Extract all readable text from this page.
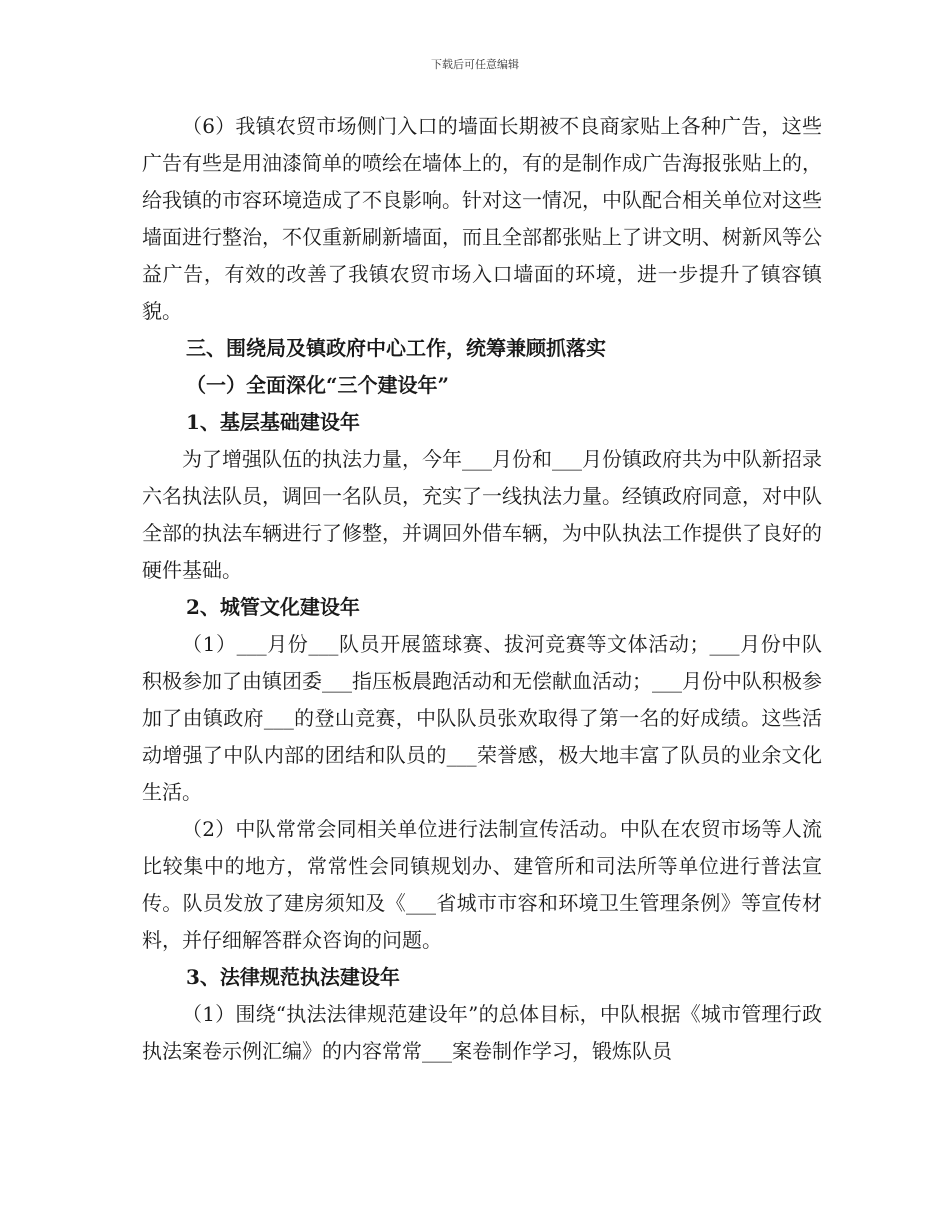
下载后可任意编辑

（6）我镇农贸市场侧门入口的墙面长期被不良商家贴上各种广告，这些广告有些是用油漆简单的喷绘在墙体上的，有的是制作成广告海报张贴上的，给我镇的市容环境造成了不良影响。针对这一情况，中队配合相关单位对这些墙面进行整治，不仅重新刷新墙面，而且全部都张贴上了讲文明、树新风等公益广告，有效的改善了我镇农贸市场入口墙面的环境，进一步提升了镇容镇貌。

三、围绕局及镇政府中心工作，统筹兼顾抓落实

（一）全面深化“三个建设年”

1、基层基础建设年

为了增强队伍的执法力量，今年___月份和___月份镇政府共为中队新招录六名执法队员，调回一名队员，充实了一线执法力量。经镇政府同意，对中队全部的执法车辆进行了修整，并调回外借车辆，为中队执法工作提供了良好的硬件基础。

2、城管文化建设年

（1）___月份___队员开展篮球赛、拔河竞赛等文体活动；___月份中队积极参加了由镇团委___指压板晨跑活动和无偿献血活动；___月份中队积极参加了由镇政府___的登山竞赛，中队队员张欢取得了第一名的好成绩。这些活动增强了中队内部的团结和队员的___荣誉感，极大地丰富了队员的业余文化生活。

（2）中队常常会同相关单位进行法制宣传活动。中队在农贸市场等人流比较集中的地方，常常性会同镇规划办、建管所和司法所等单位进行普法宣传。队员发放了建房须知及《___省城市市容和环境卫生管理条例》等宣传材料，并仔细解答群众咨询的问题。

3、法律规范执法建设年

（1）围绕“执法法律规范建设年”的总体目标，中队根据《城市管理行政执法案卷示例汇编》的内容常常___案卷制作学习，锻炼队员
